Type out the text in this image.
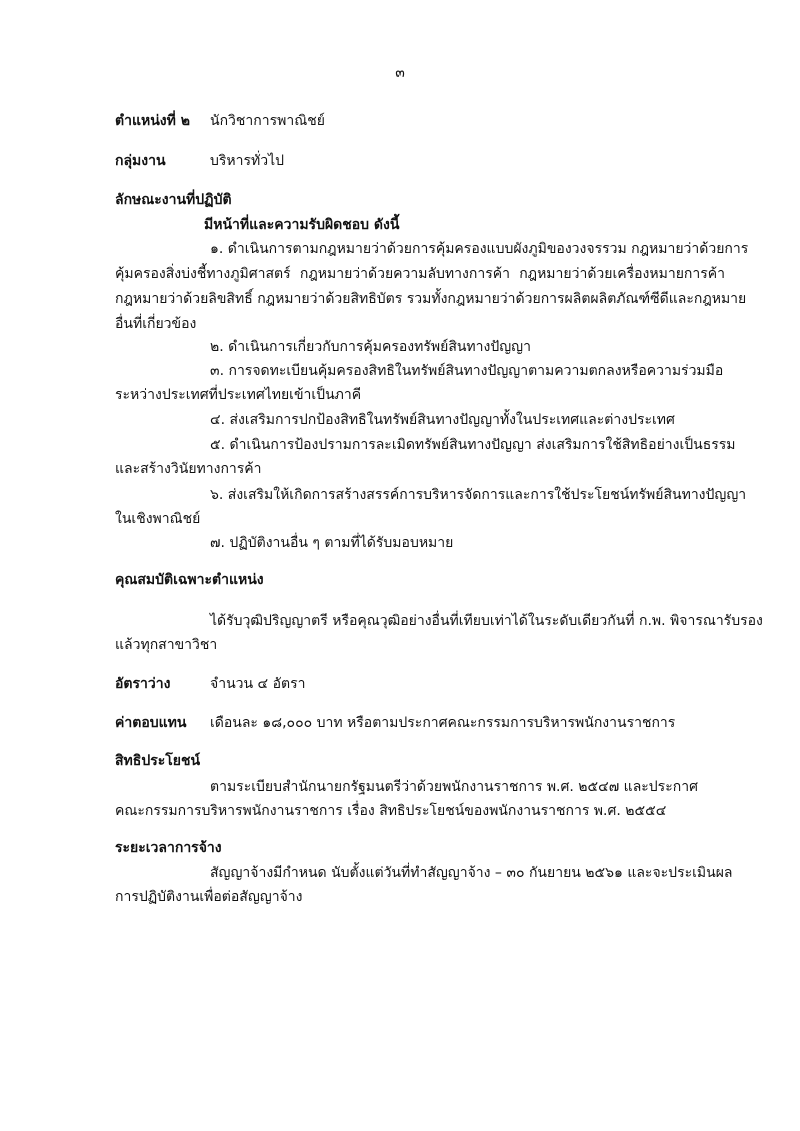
๓
ตำแหน่งที่ ๒ นักวิชาการพาณิชย์
กลุ่มงาน	บริหารทั่วไป
ลักษณะงานที่ปฏิบัติ
มีหน้าที่และความรับผิดชอบ ดังนี้
๑. ดำเนินการตามกฎหมายว่าด้วยการคุ้มครองแบบผังภูมิของวงจรรวม กฎหมายว่าด้วยการ
คุ้มครองสิ่งบ่งชี้ทางภูมิศาสตร์ กฎหมายว่าด้วยความลับทางการค้า กฎหมายว่าด้วยเครื่องหมายการค้า
กฎหมายว่าด้วยลิขสิทธิ์ กฎหมายว่าด้วยสิทธิบัตร รวมทั้งกฎหมายว่าด้วยการผลิตผลิตภัณฑ์ซีดีและกฎหมาย
อื่นที่เกี่ยวข้อง
๒. ดำเนินการเกี่ยวกับการคุ้มครองทรัพย์สินทางปัญญา
๓. การจดทะเบียนคุ้มครองสิทธิในทรัพย์สินทางปัญญาตามความตกลงหรือความร่วมมือ
ระหว่างประเทศที่ประเทศไทยเข้าเป็นภาคี
๔. ส่งเสริมการปกป้องสิทธิในทรัพย์สินทางปัญญาทั้งในประเทศและต่างประเทศ
๕. ดำเนินการป้องปรามการละเมิดทรัพย์สินทางปัญญา ส่งเสริมการใช้สิทธิอย่างเป็นธรรม
และสร้างวินัยทางการค้า
๖. ส่งเสริมให้เกิดการสร้างสรรค์การบริหารจัดการและการใช้ประโยชน์ทรัพย์สินทางปัญญา
ในเชิงพาณิชย์
๗. ปฏิบัติงานอื่น ๆ ตามที่ได้รับมอบหมาย
คุณสมบัติเฉพาะตำแหน่ง
ได้รับวุฒิปริญญาตรี หรือคุณวุฒิอย่างอื่นที่เทียบเท่าได้ในระดับเดียวกันที่ ก.พ. พิจารณารับรอง
แล้วทุกสาขาวิชา
อัตราว่าง	จำนวน ๔ อัตรา
ค่าตอบแทน เดือนละ ๑๘,๐๐๐ บาท หรือตามประกาศคณะกรรมการบริหารพนักงานราชการ
สิทธิประโยชน์
ตามระเบียบสำนักนายกรัฐมนตรีว่าด้วยพนักงานราชการ พ.ศ. ๒๕๔๗ และประกาศ
คณะกรรมการบริหารพนักงานราชการ เรื่อง สิทธิประโยชน์ของพนักงานราชการ พ.ศ. ๒๕๕๔
ระยะเวลาการจ้าง
สัญญาจ้างมีกำหนด นับตั้งแต่วันที่ทำสัญญาจ้าง – ๓๐ กันยายน ๒๕๖๑ และจะประเมินผล
การปฏิบัติงานเพื่อต่อสัญญาจ้าง
